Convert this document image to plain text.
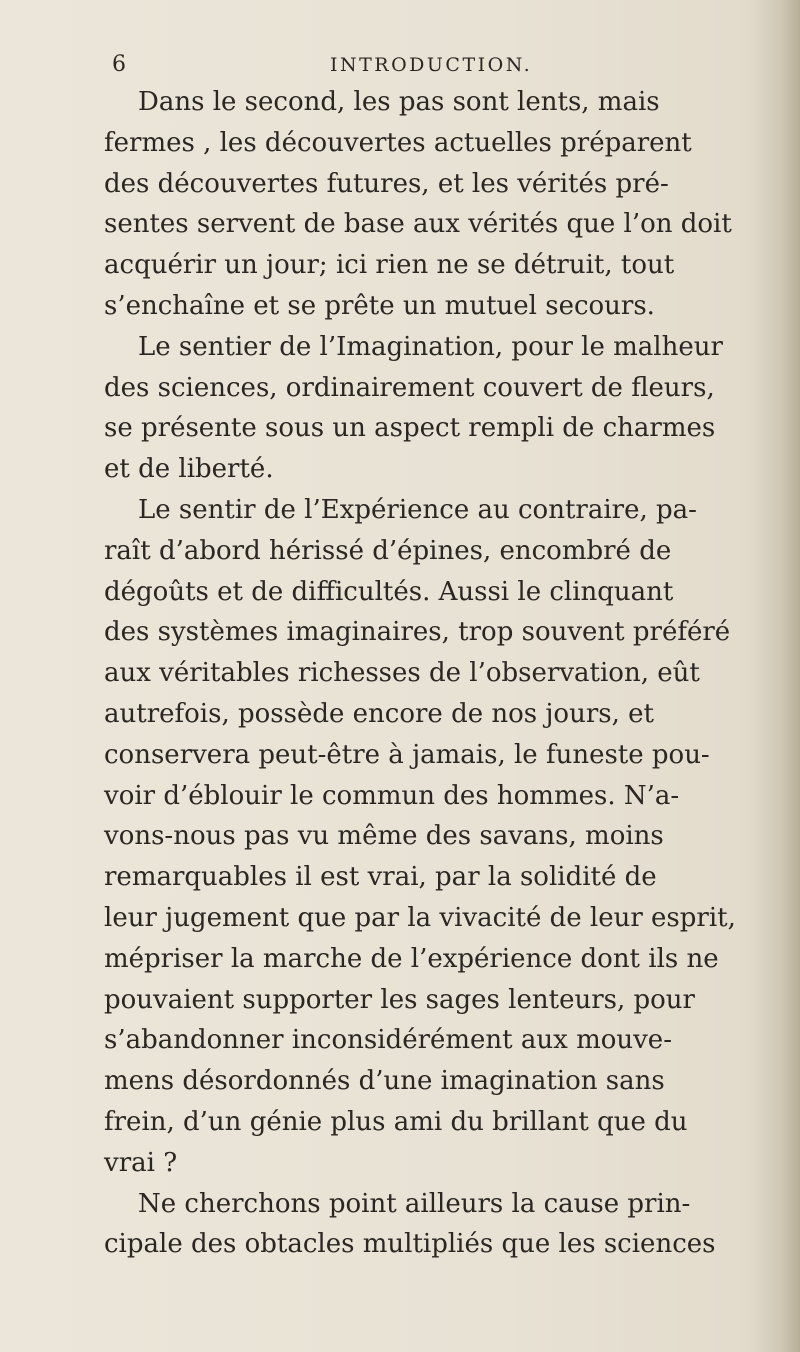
6	INTRODUCTION.
Dans le second, les pas sont lents, mais
fermes , les découvertes actuelles préparent
des découvertes futures, et les vérités pré-
sentes servent de base aux vérités que l’on doit
acquérir un jour; ici rien ne se détruit, tout
s’enchaîne et se prête un mutuel secours.
Le sentier de l’Imagination, pour le malheur
des sciences, ordinairement couvert de fleurs,
se présente sous un aspect rempli de charmes
et de liberté.
Le sentir de l’Expérience au contraire, pa-
raît d’abord hérissé d’épines, encombré de
dégoûts et de difficultés. Aussi le clinquant
des systèmes imaginaires, trop souvent préféré
aux véritables richesses de l’observation, eût
autrefois, possède encore de nos jours, et
conservera peut-être à jamais, le funeste pou-
voir d’éblouir le commun des hommes. N’a-
vons-nous pas vu même des savans, moins
remarquables il est vrai, par la solidité de
leur jugement que par la vivacité de leur esprit,
mépriser la marche de l’expérience dont ils ne
pouvaient supporter les sages lenteurs, pour
s’abandonner inconsidérément aux mouve-
mens désordonnés d’une imagination sans
frein, d’un génie plus ami du brillant que du
vrai ?
Ne cherchons point ailleurs la cause prin-
cipale des obtacles multipliés que les sciences
